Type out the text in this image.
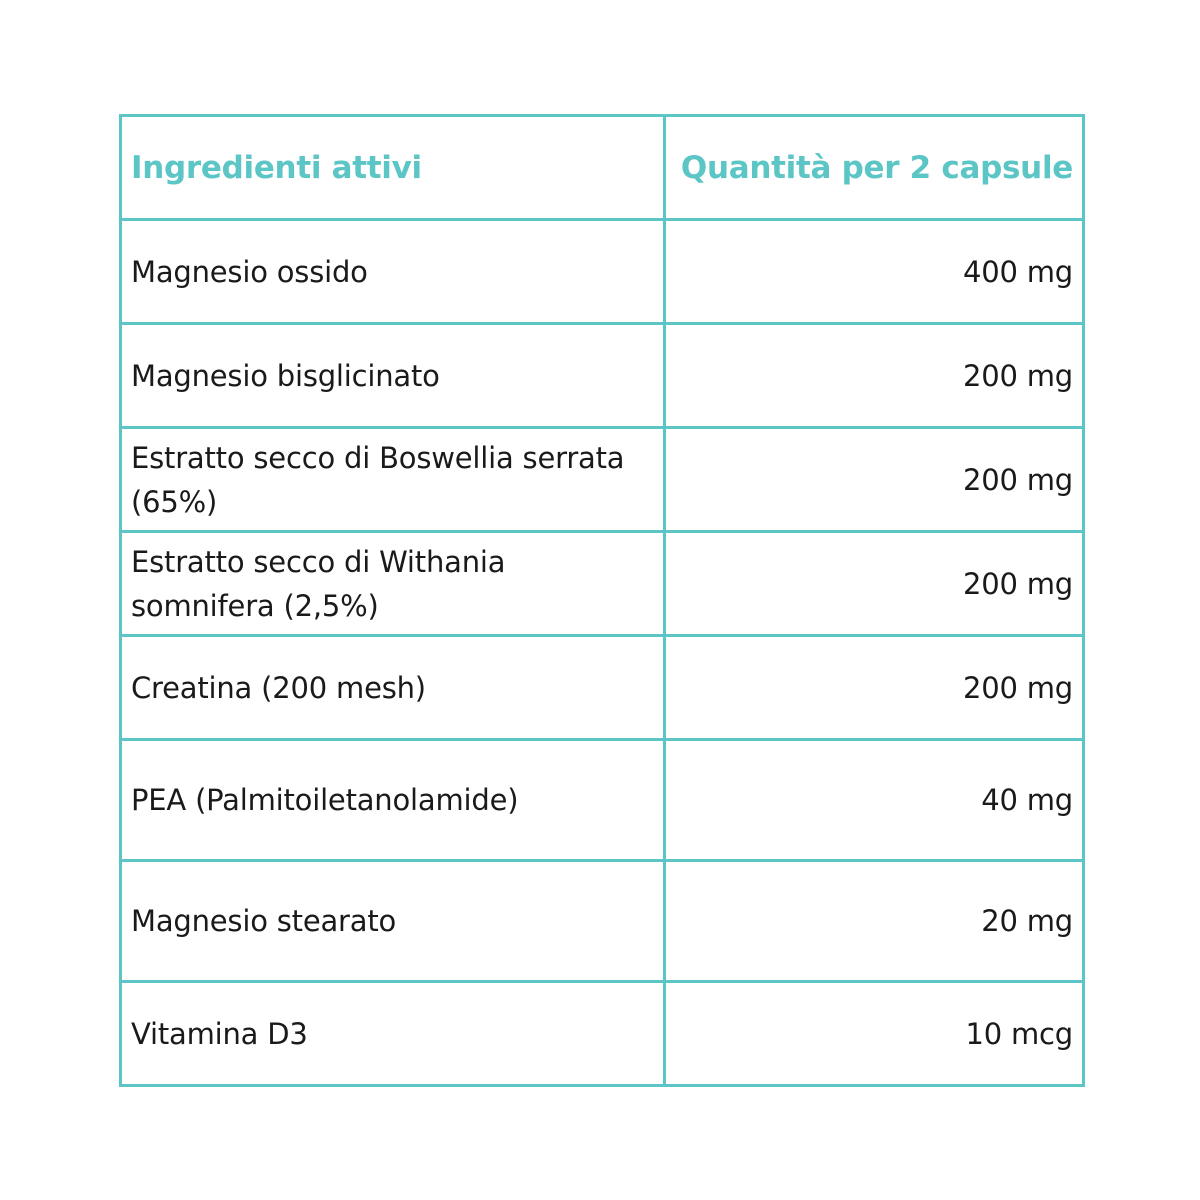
Ingredienti attivi	Quantità per 2 capsule
Magnesio ossido	400 mg
Magnesio bisglicinato	200 mg
Estratto secco di Boswellia serrata (65%)	200 mg
Estratto secco di Withania somnifera (2,5%)	200 mg
Creatina (200 mesh)	200 mg
PEA (Palmitoiletanolamide)	40 mg
Magnesio stearato	20 mg
Vitamina D3	10 mcg
